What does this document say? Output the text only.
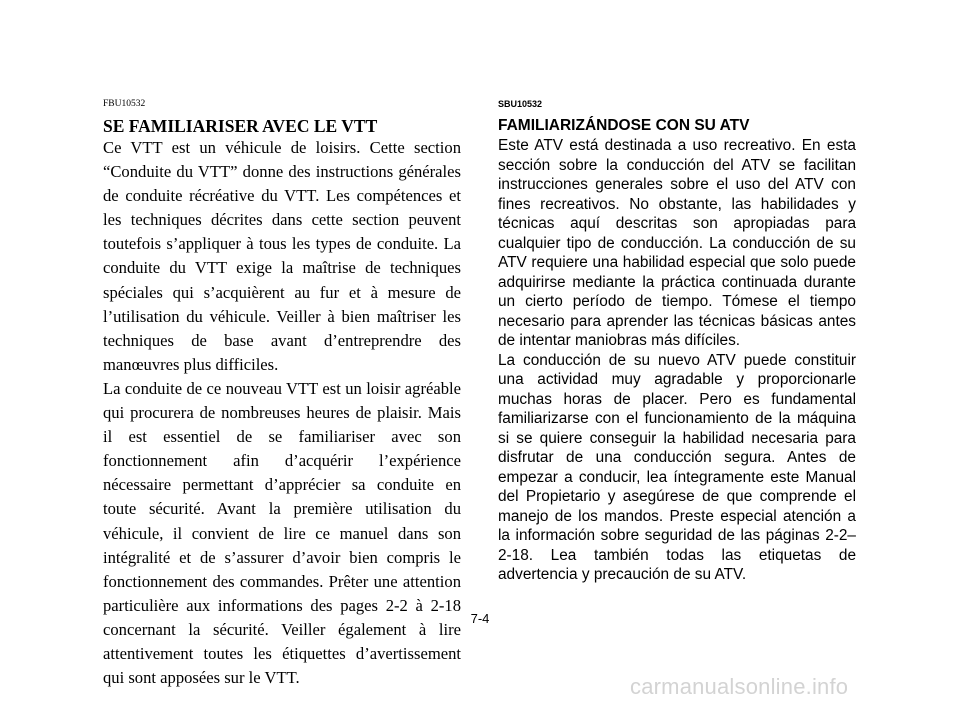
FBU10532
SE FAMILIARISER AVEC LE VTT

Ce VTT est un véhicule de loisirs. Cette section “Conduite du VTT” donne des instructions générales de conduite récréative du VTT. Les compétences et les techniques décrites dans cette section peuvent toutefois s’appliquer à tous les types de conduite. La conduite du VTT exige la maîtrise de techniques spéciales qui s’acquièrent au fur et à mesure de l’utilisation du véhicule. Veiller à bien maîtriser les techniques de base avant d’entreprendre des manœuvres plus difficiles.

La conduite de ce nouveau VTT est un loisir agréable qui procurera de nombreuses heures de plaisir. Mais il est essentiel de se familiariser avec son fonctionnement afin d’acquérir l’expérience nécessaire permettant d’apprécier sa conduite en toute sécurité. Avant la première utilisation du véhicule, il convient de lire ce manuel dans son intégralité et de s’assurer d’avoir bien compris le fonctionnement des commandes. Prêter une attention particulière aux informations des pages 2-2 à 2-18 concernant la sécurité. Veiller également à lire attentivement toutes les étiquettes d’avertissement qui sont apposées sur le VTT.

SBU10532
FAMILIARIZÁNDOSE CON SU ATV

Este ATV está destinada a uso recreativo. En esta sección sobre la conducción del ATV se facilitan instrucciones generales sobre el uso del ATV con fines recreativos. No obstante, las habilidades y técnicas aquí descritas son apropiadas para cualquier tipo de conducción. La conducción de su ATV requiere una habilidad especial que solo puede adquirirse mediante la práctica continuada durante un cierto período de tiempo. Tómese el tiempo necesario para aprender las técnicas básicas antes de intentar maniobras más difíciles.

La conducción de su nuevo ATV puede constituir una actividad muy agradable y proporcionarle muchas horas de placer. Pero es fundamental familiarizarse con el funcionamiento de la máquina si se quiere conseguir la habilidad necesaria para disfrutar de una conducción segura. Antes de empezar a conducir, lea íntegramente este Manual del Propietario y asegúrese de que comprende el manejo de los mandos. Preste especial atención a la información sobre seguridad de las páginas 2-2–2-18. Lea también todas las etiquetas de advertencia y precaución de su ATV.

7-4
carmanualsonline.info
